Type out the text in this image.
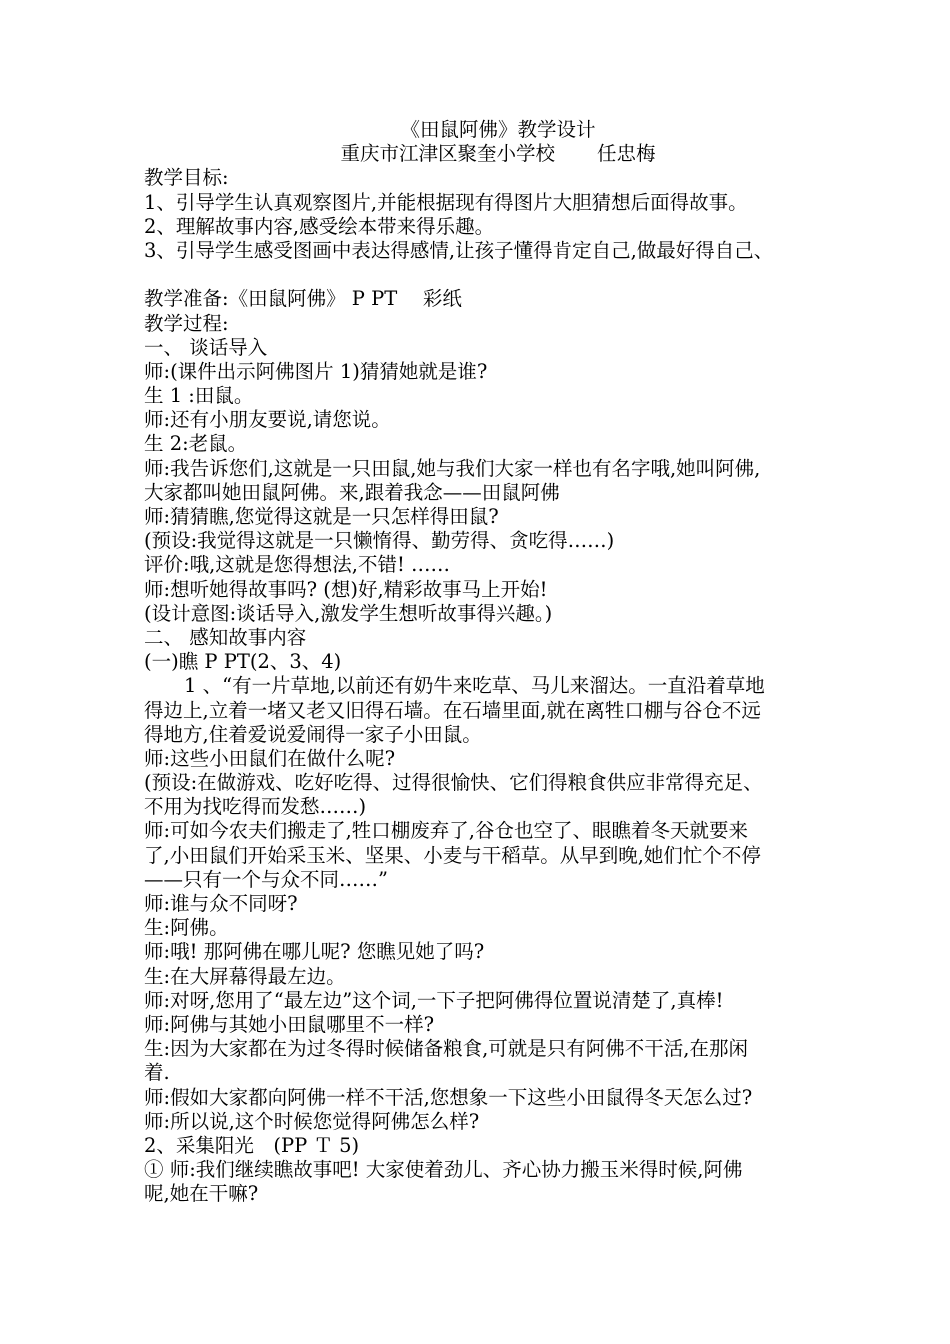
《田鼠阿佛》教学设计
重庆市江津区聚奎小学校 任忠梅
教学目标:
1、引导学生认真观察图片,并能根据现有得图片大胆猜想后面得故事。
2、理解故事内容,感受绘本带来得乐趣。
3、引导学生感受图画中表达得感情,让孩子懂得肯定自己,做最好得自己、
教学准备:《田鼠阿佛》 P PT　 彩纸
教学过程:
一、 谈话导入
师:(课件出示阿佛图片 1)猜猜她就是谁?
生 1 :田鼠。
师:还有小朋友要说,请您说。
生 2:老鼠。
师:我告诉您们,这就是一只田鼠,她与我们大家一样也有名字哦,她叫阿佛,
大家都叫她田鼠阿佛。来,跟着我念——田鼠阿佛
师:猜猜瞧,您觉得这就是一只怎样得田鼠?
(预设:我觉得这就是一只懒惰得、勤劳得、贪吃得……)
评价:哦,这就是您得想法,不错! ……
师:想听她得故事吗? (想)好,精彩故事马上开始!
(设计意图:谈话导入,激发学生想听故事得兴趣。)
二、 感知故事内容
(一)瞧 P PT(2、3、4)
1 、“有一片草地,以前还有奶牛来吃草、马儿来溜达。一直沿着草地
得边上,立着一堵又老又旧得石墙。在石墙里面,就在离牲口棚与谷仓不远
得地方,住着爱说爱闹得一家子小田鼠。
师:这些小田鼠们在做什么呢?
(预设:在做游戏、吃好吃得、过得很愉快、它们得粮食供应非常得充足、
不用为找吃得而发愁……)
师:可如今农夫们搬走了,牲口棚废弃了,谷仓也空了、眼瞧着冬天就要来
了,小田鼠们开始采玉米、坚果、小麦与干稻草。从早到晚,她们忙个不停
——只有一个与众不同……”
师:谁与众不同呀?
生:阿佛。
师:哦! 那阿佛在哪儿呢? 您瞧见她了吗?
生:在大屏幕得最左边。
师:对呀,您用了“最左边”这个词,一下子把阿佛得位置说清楚了,真棒!
师:阿佛与其她小田鼠哪里不一样?
生:因为大家都在为过冬得时候储备粮食,可就是只有阿佛不干活,在那闲
着.
师:假如大家都向阿佛一样不干活,您想象一下这些小田鼠得冬天怎么过?
师:所以说,这个时候您觉得阿佛怎么样?
2、采集阳光　(PP Ｔ 5)
① 师:我们继续瞧故事吧! 大家使着劲儿、齐心协力搬玉米得时候,阿佛
呢,她在干嘛?
